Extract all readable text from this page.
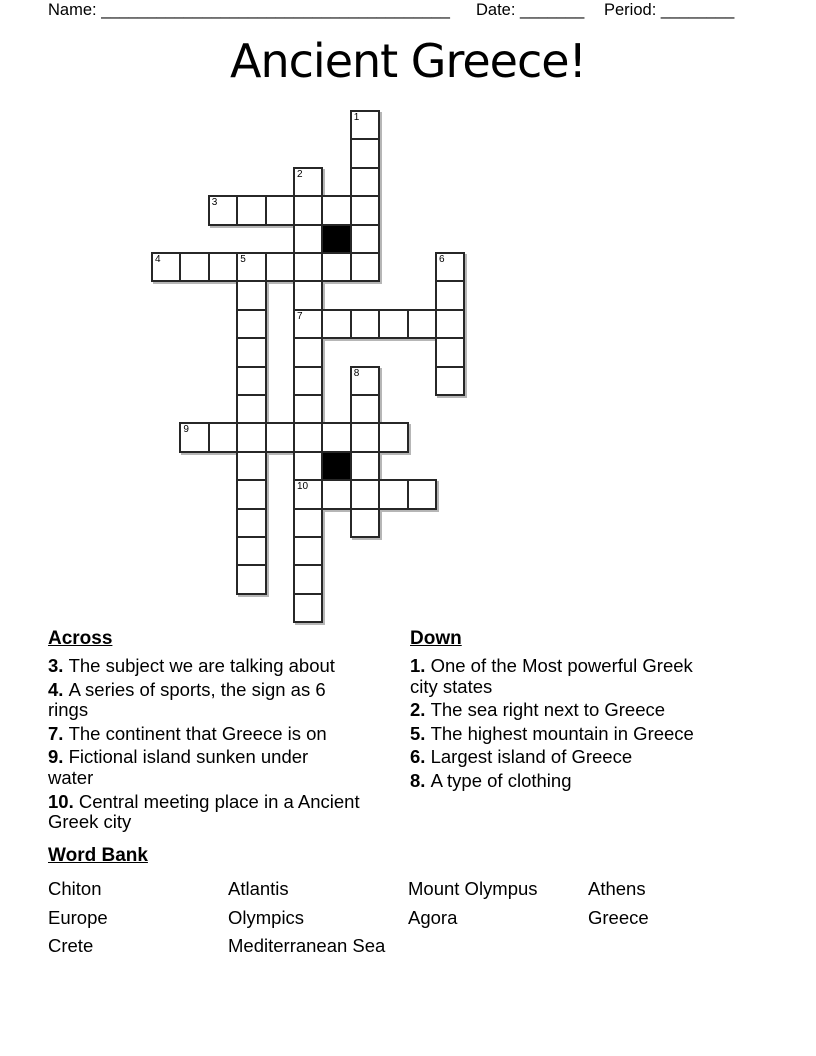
Name: ______________________________________ Date: _______ Period: ________
Ancient Greece!
4
9
3
5
2
7
10
1
8
6
Across
3. The subject we are talking about
4. A series of sports, the sign as 6
rings
7. The continent that Greece is on
9. Fictional island sunken under
water
10. Central meeting place in a Ancient
Greek city
Down
1. One of the Most powerful Greek
city states
2. The sea right next to Greece
5. The highest mountain in Greece
6. Largest island of Greece
8. A type of clothing
Word Bank
Chiton
Europe
Crete
Atlantis
Olympics
Mediterranean Sea
Mount Olympus
Agora
Athens
Greece
